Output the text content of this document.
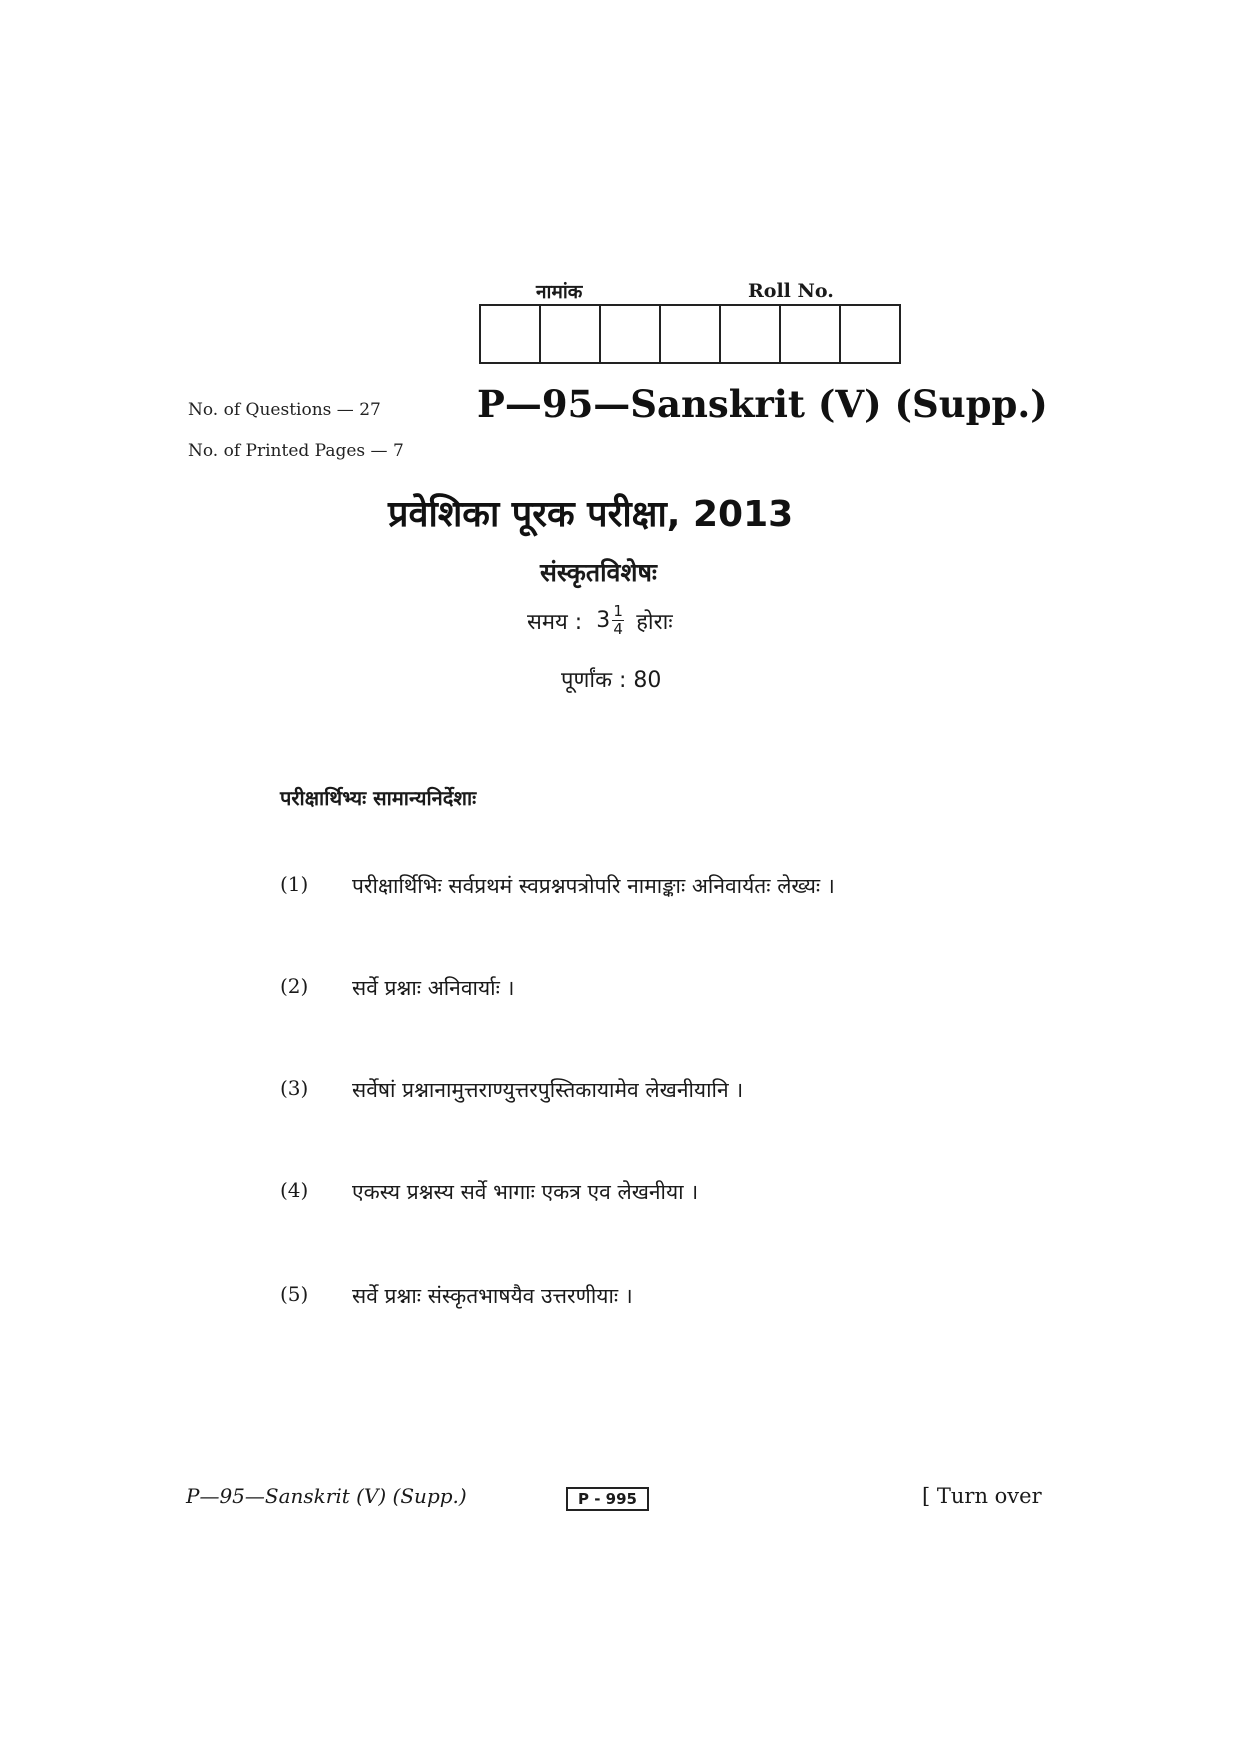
नामांक	Roll No.
No. of Questions — 27
No. of Printed Pages — 7
P—95—Sanskrit (V) (Supp.)
प्रवेशिका पूरक परीक्षा, 2013
संस्कृतविशेषः
समय : $3 \frac{1}{4}$ होराः
पूर्णांक : 80
परीक्षार्थिभ्यः सामान्यनिर्देशाः
(1)	परीक्षार्थिभिः सर्वप्रथमं स्वप्रश्नपत्रोपरि नामाङ्काः अनिवार्यतः लेख्यः ।
(2)	सर्वे प्रश्नाः अनिवार्याः ।
(3)	सर्वेषां प्रश्नानामुत्तराण्युत्तरपुस्तिकायामेव लेखनीयानि ।
(4)	एकस्य प्रश्नस्य सर्वे भागाः एकत्र एव लेखनीया ।
(5)	सर्वे प्रश्नाः संस्कृतभाषयैव उत्तरणीयाः ।
P—95—Sanskrit (V) (Supp.)	P - 995	[ Turn over
